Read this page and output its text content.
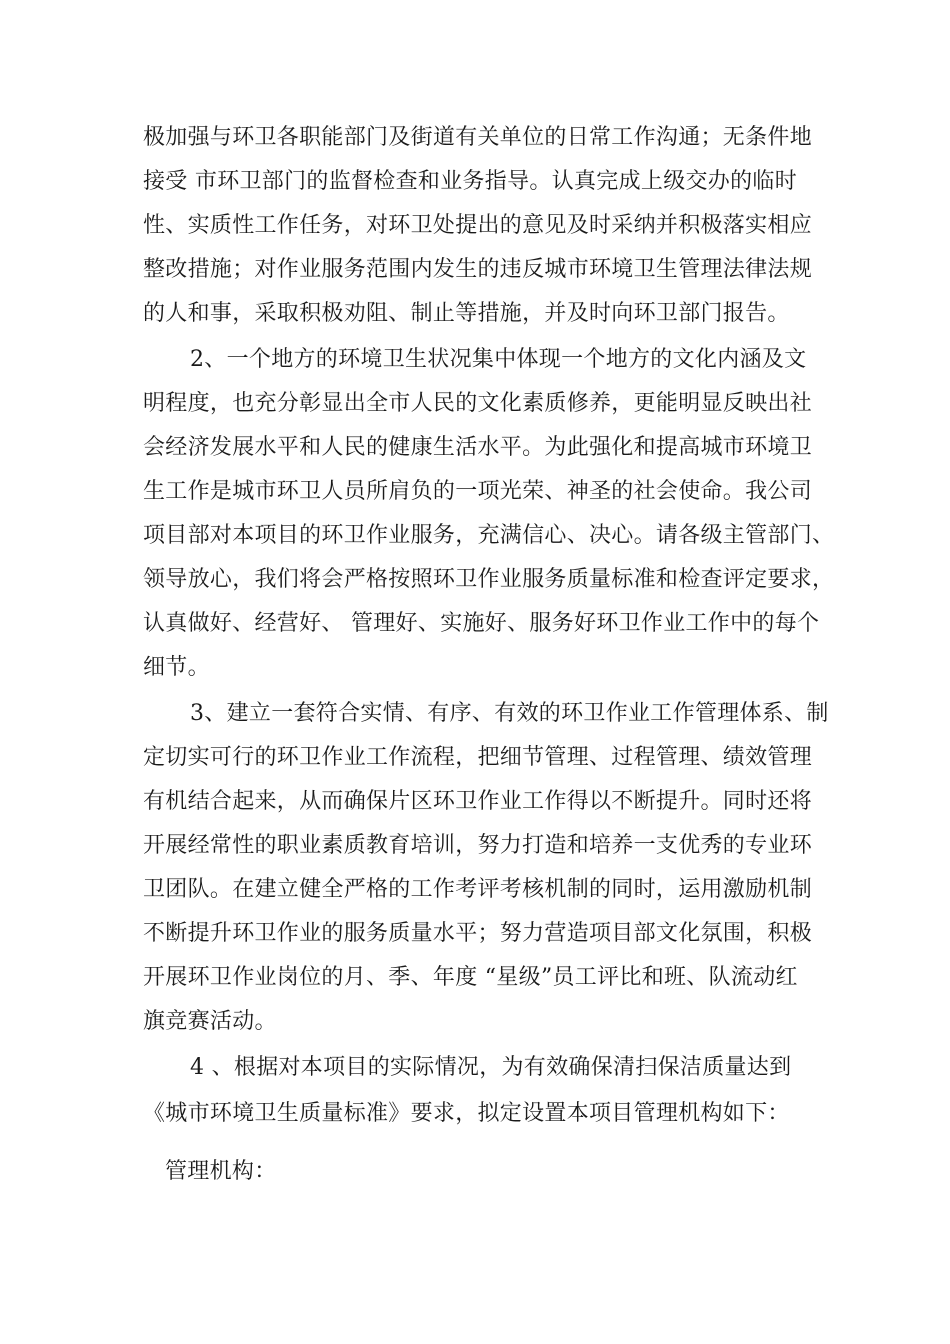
极加强与环卫各职能部门及街道有关单位的日常工作沟通；无条件地
接受 市环卫部门的监督检查和业务指导。认真完成上级交办的临时
性、实质性工作任务，对环卫处提出的意见及时采纳并积极落实相应
整改措施；对作业服务范围内发生的违反城市环境卫生管理法律法规
的人和事，采取积极劝阻、制止等措施，并及时向环卫部门报告。
2、一个地方的环境卫生状况集中体现一个地方的文化内涵及文
明程度，也充分彰显出全市人民的文化素质修养，更能明显反映出社
会经济发展水平和人民的健康生活水平。为此强化和提高城市环境卫
生工作是城市环卫人员所肩负的一项光荣、神圣的社会使命。我公司
项目部对本项目的环卫作业服务，充满信心、决心。请各级主管部门、
领导放心，我们将会严格按照环卫作业服务质量标准和检查评定要求，
认真做好、经营好、 管理好、实施好、服务好环卫作业工作中的每个
细节。
3、建立一套符合实情、有序、有效的环卫作业工作管理体系、制
定切实可行的环卫作业工作流程，把细节管理、过程管理、绩效管理
有机结合起来，从而确保片区环卫作业工作得以不断提升。同时还将
开展经常性的职业素质教育培训，努力打造和培养一支优秀的专业环
卫团队。在建立健全严格的工作考评考核机制的同时，运用激励机制
不断提升环卫作业的服务质量水平；努力营造项目部文化氛围，积极
开展环卫作业岗位的月、季、年度 “星级”员工评比和班、队流动红
旗竞赛活动。
4 、根据对本项目的实际情况，为有效确保清扫保洁质量达到
《城市环境卫生质量标准》要求，拟定设置本项目管理机构如下：
管理机构：
